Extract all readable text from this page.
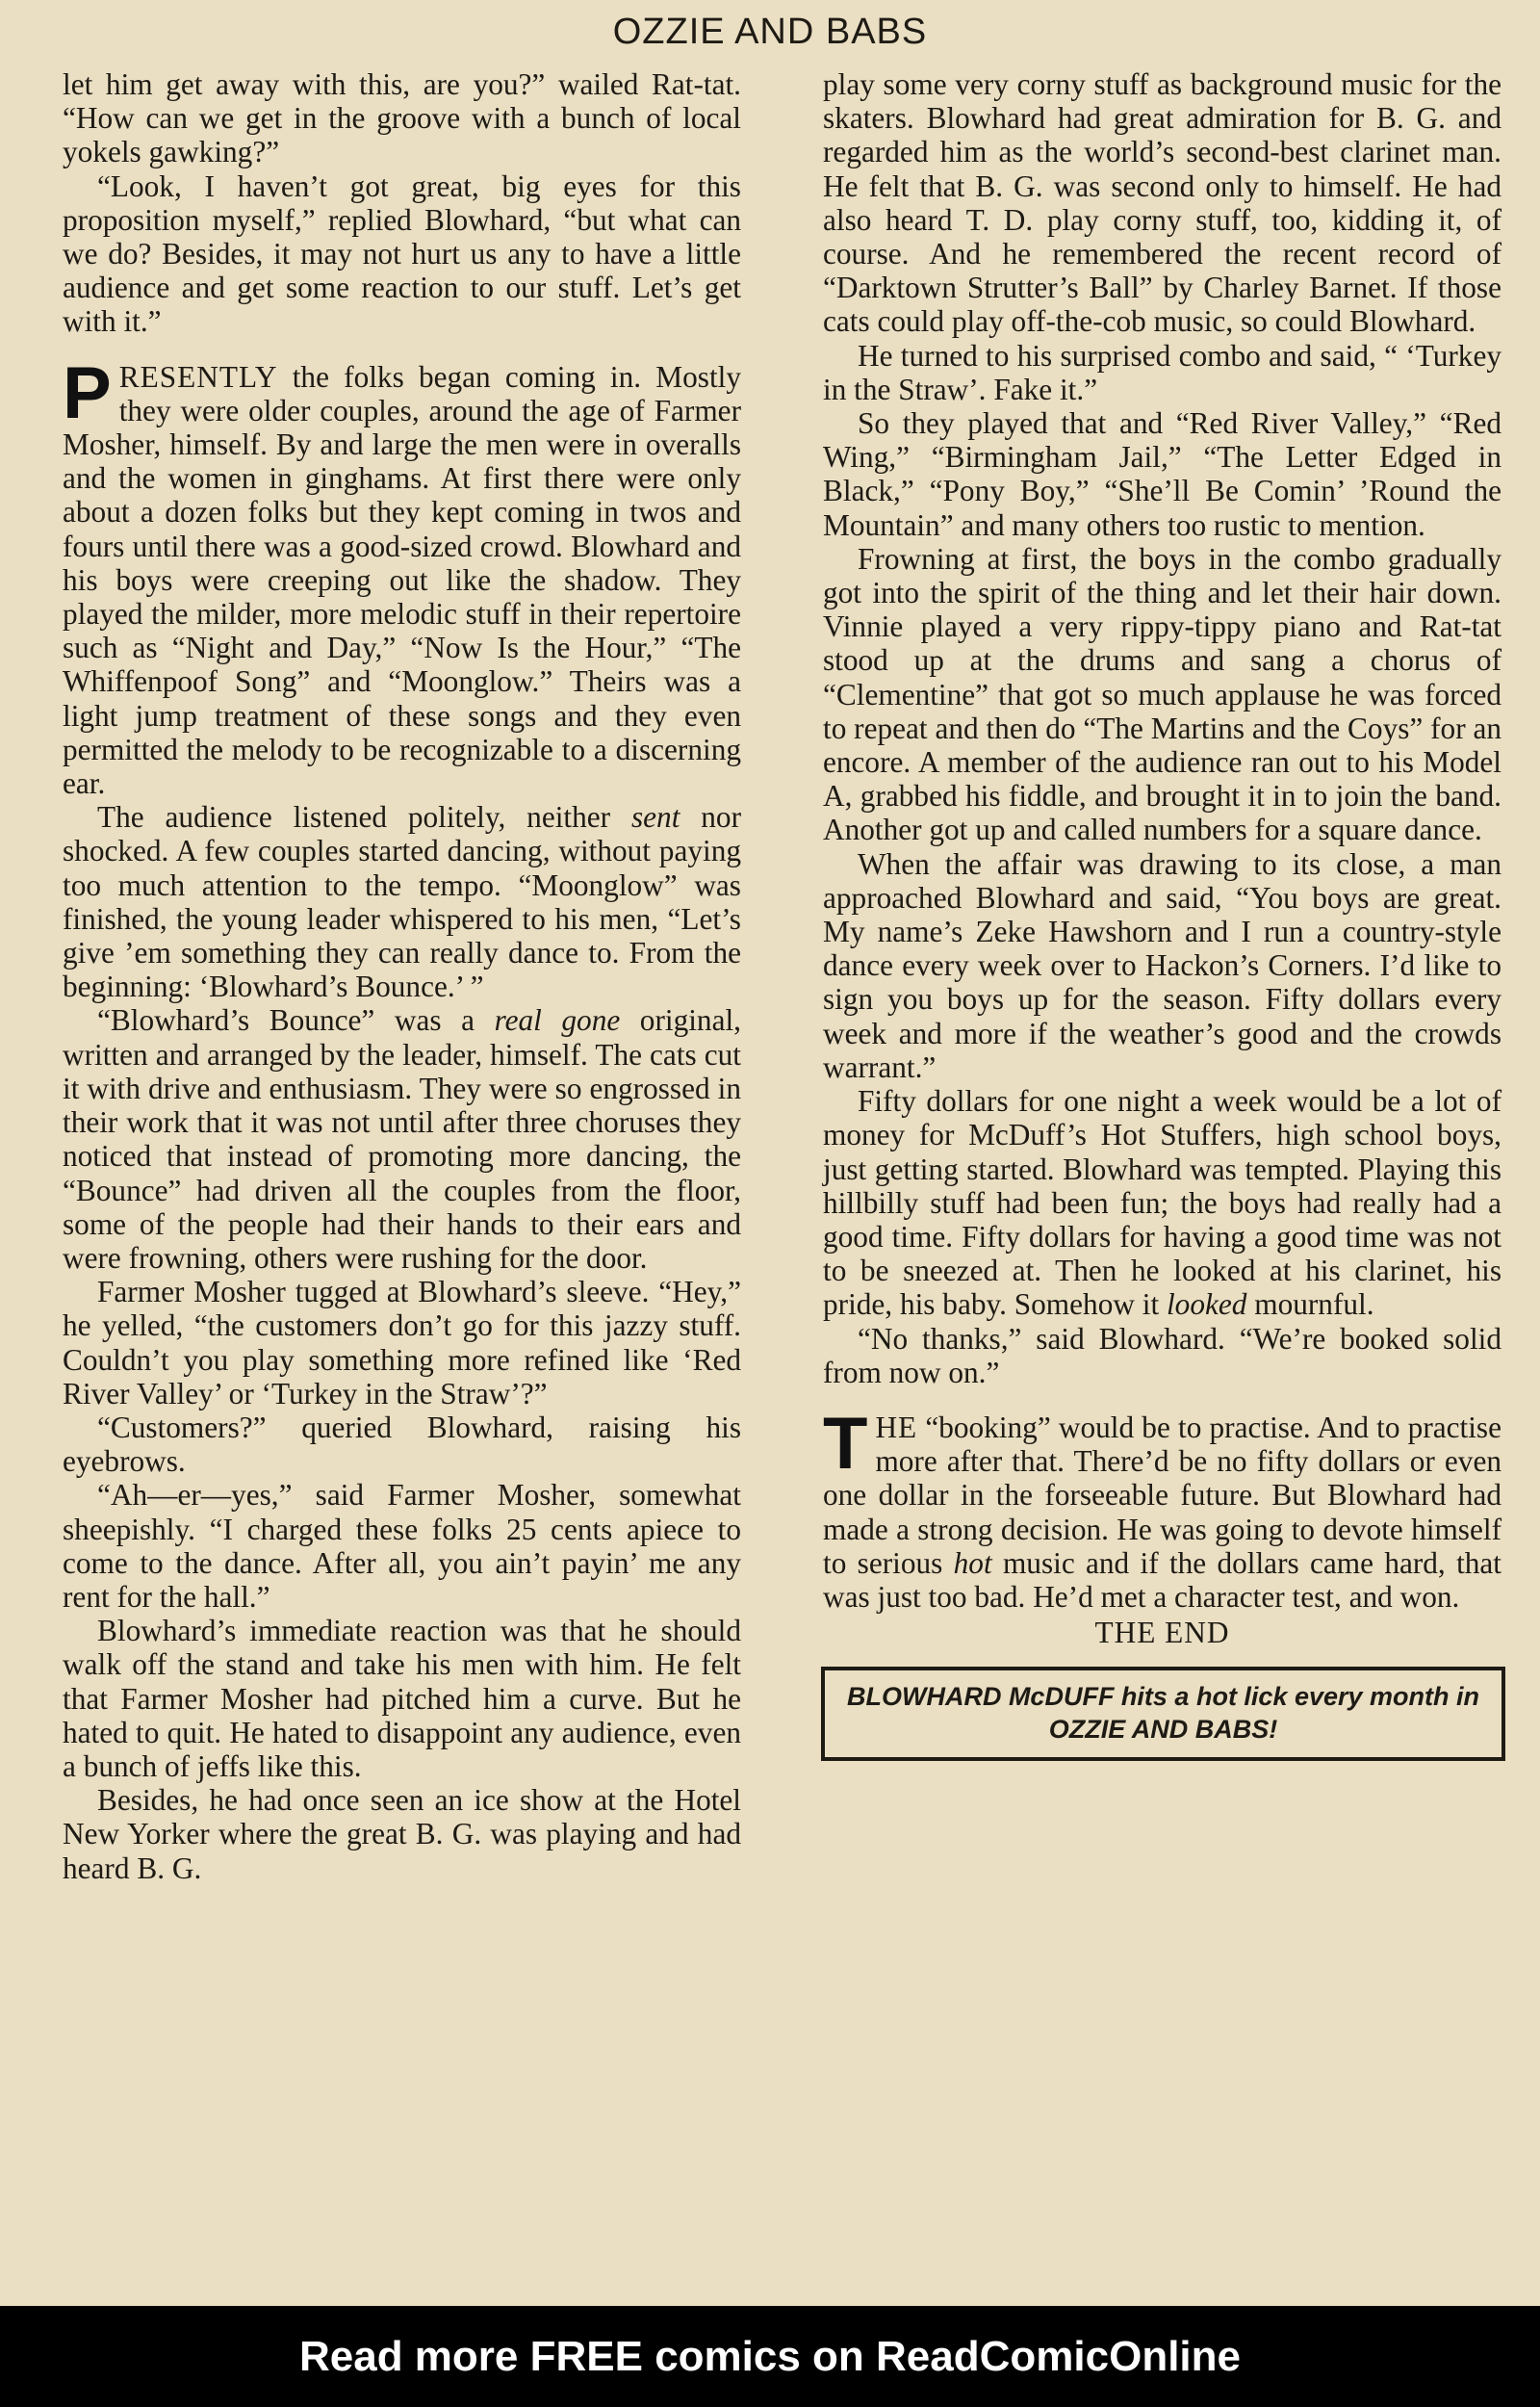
OZZIE AND BABS

let him get away with this, are you?” wailed Rat-tat. “How can we get in the groove with a bunch of local yokels gawking?”

“Look, I haven’t got great, big eyes for this proposition myself,” replied Blowhard, “but what can we do? Besides, it may not hurt us any to have a little audience and get some reaction to our stuff. Let’s get with it.”

PRESENTLY the folks began coming in. Mostly they were older couples, around the age of Farmer Mosher, himself. By and large the men were in overalls and the women in ginghams. At first there were only about a dozen folks but they kept coming in twos and fours until there was a good-sized crowd. Blowhard and his boys were creeping out like the shadow. They played the milder, more melodic stuff in their repertoire such as “Night and Day,” “Now Is the Hour,” “The Whiffenpoof Song” and “Moonglow.” Theirs was a light jump treatment of these songs and they even permitted the melody to be recognizable to a discerning ear.

The audience listened politely, neither sent nor shocked. A few couples started dancing, without paying too much attention to the tempo. “Moonglow” was finished, the young leader whispered to his men, “Let’s give ’em something they can really dance to. From the beginning: ‘Blowhard’s Bounce.’ ”

“Blowhard’s Bounce” was a real gone original, written and arranged by the leader, himself. The cats cut it with drive and enthusiasm. They were so engrossed in their work that it was not until after three choruses they noticed that instead of promoting more dancing, the “Bounce” had driven all the couples from the floor, some of the people had their hands to their ears and were frowning, others were rushing for the door.

Farmer Mosher tugged at Blowhard’s sleeve. “Hey,” he yelled, “the customers don’t go for this jazzy stuff. Couldn’t you play something more refined like ‘Red River Valley’ or ‘Turkey in the Straw’?”

“Customers?” queried Blowhard, raising his eyebrows.

“Ah—er—yes,” said Farmer Mosher, somewhat sheepishly. “I charged these folks 25 cents apiece to come to the dance. After all, you ain’t payin’ me any rent for the hall.”

Blowhard’s immediate reaction was that he should walk off the stand and take his men with him. He felt that Farmer Mosher had pitched him a curve. But he hated to quit. He hated to disappoint any audience, even a bunch of jeffs like this.

Besides, he had once seen an ice show at the Hotel New Yorker where the great B. G. was playing and had heard B. G.

play some very corny stuff as background music for the skaters. Blowhard had great admiration for B. G. and regarded him as the world’s second-best clarinet man. He felt that B. G. was second only to himself. He had also heard T. D. play corny stuff, too, kidding it, of course. And he remembered the recent record of “Darktown Strutter’s Ball” by Charley Barnet. If those cats could play off-the-cob music, so could Blowhard.

He turned to his surprised combo and said, “ ‘Turkey in the Straw’. Fake it.”

So they played that and “Red River Valley,” “Red Wing,” “Birmingham Jail,” “The Letter Edged in Black,” “Pony Boy,” “She’ll Be Comin’ ’Round the Mountain” and many others too rustic to mention.

Frowning at first, the boys in the combo gradually got into the spirit of the thing and let their hair down. Vinnie played a very rippy-tippy piano and Rat-tat stood up at the drums and sang a chorus of “Clementine” that got so much applause he was forced to repeat and then do “The Martins and the Coys” for an encore. A member of the audience ran out to his Model A, grabbed his fiddle, and brought it in to join the band. Another got up and called numbers for a square dance.

When the affair was drawing to its close, a man approached Blowhard and said, “You boys are great. My name’s Zeke Hawshorn and I run a country-style dance every week over to Hackon’s Corners. I’d like to sign you boys up for the season. Fifty dollars every week and more if the weather’s good and the crowds warrant.”

Fifty dollars for one night a week would be a lot of money for McDuff’s Hot Stuffers, high school boys, just getting started. Blowhard was tempted. Playing this hillbilly stuff had been fun; the boys had really had a good time. Fifty dollars for having a good time was not to be sneezed at. Then he looked at his clarinet, his pride, his baby. Somehow it looked mournful.

“No thanks,” said Blowhard. “We’re booked solid from now on.”

THE “booking” would be to practise. And to practise more after that. There’d be no fifty dollars or even one dollar in the forseeable future. But Blowhard had made a strong decision. He was going to devote himself to serious hot music and if the dollars came hard, that was just too bad. He’d met a character test, and won.

THE END
BLOWHARD McDUFF hits a hot lick every month in OZZIE AND BABS!
Read more FREE comics on ReadComicOnline
